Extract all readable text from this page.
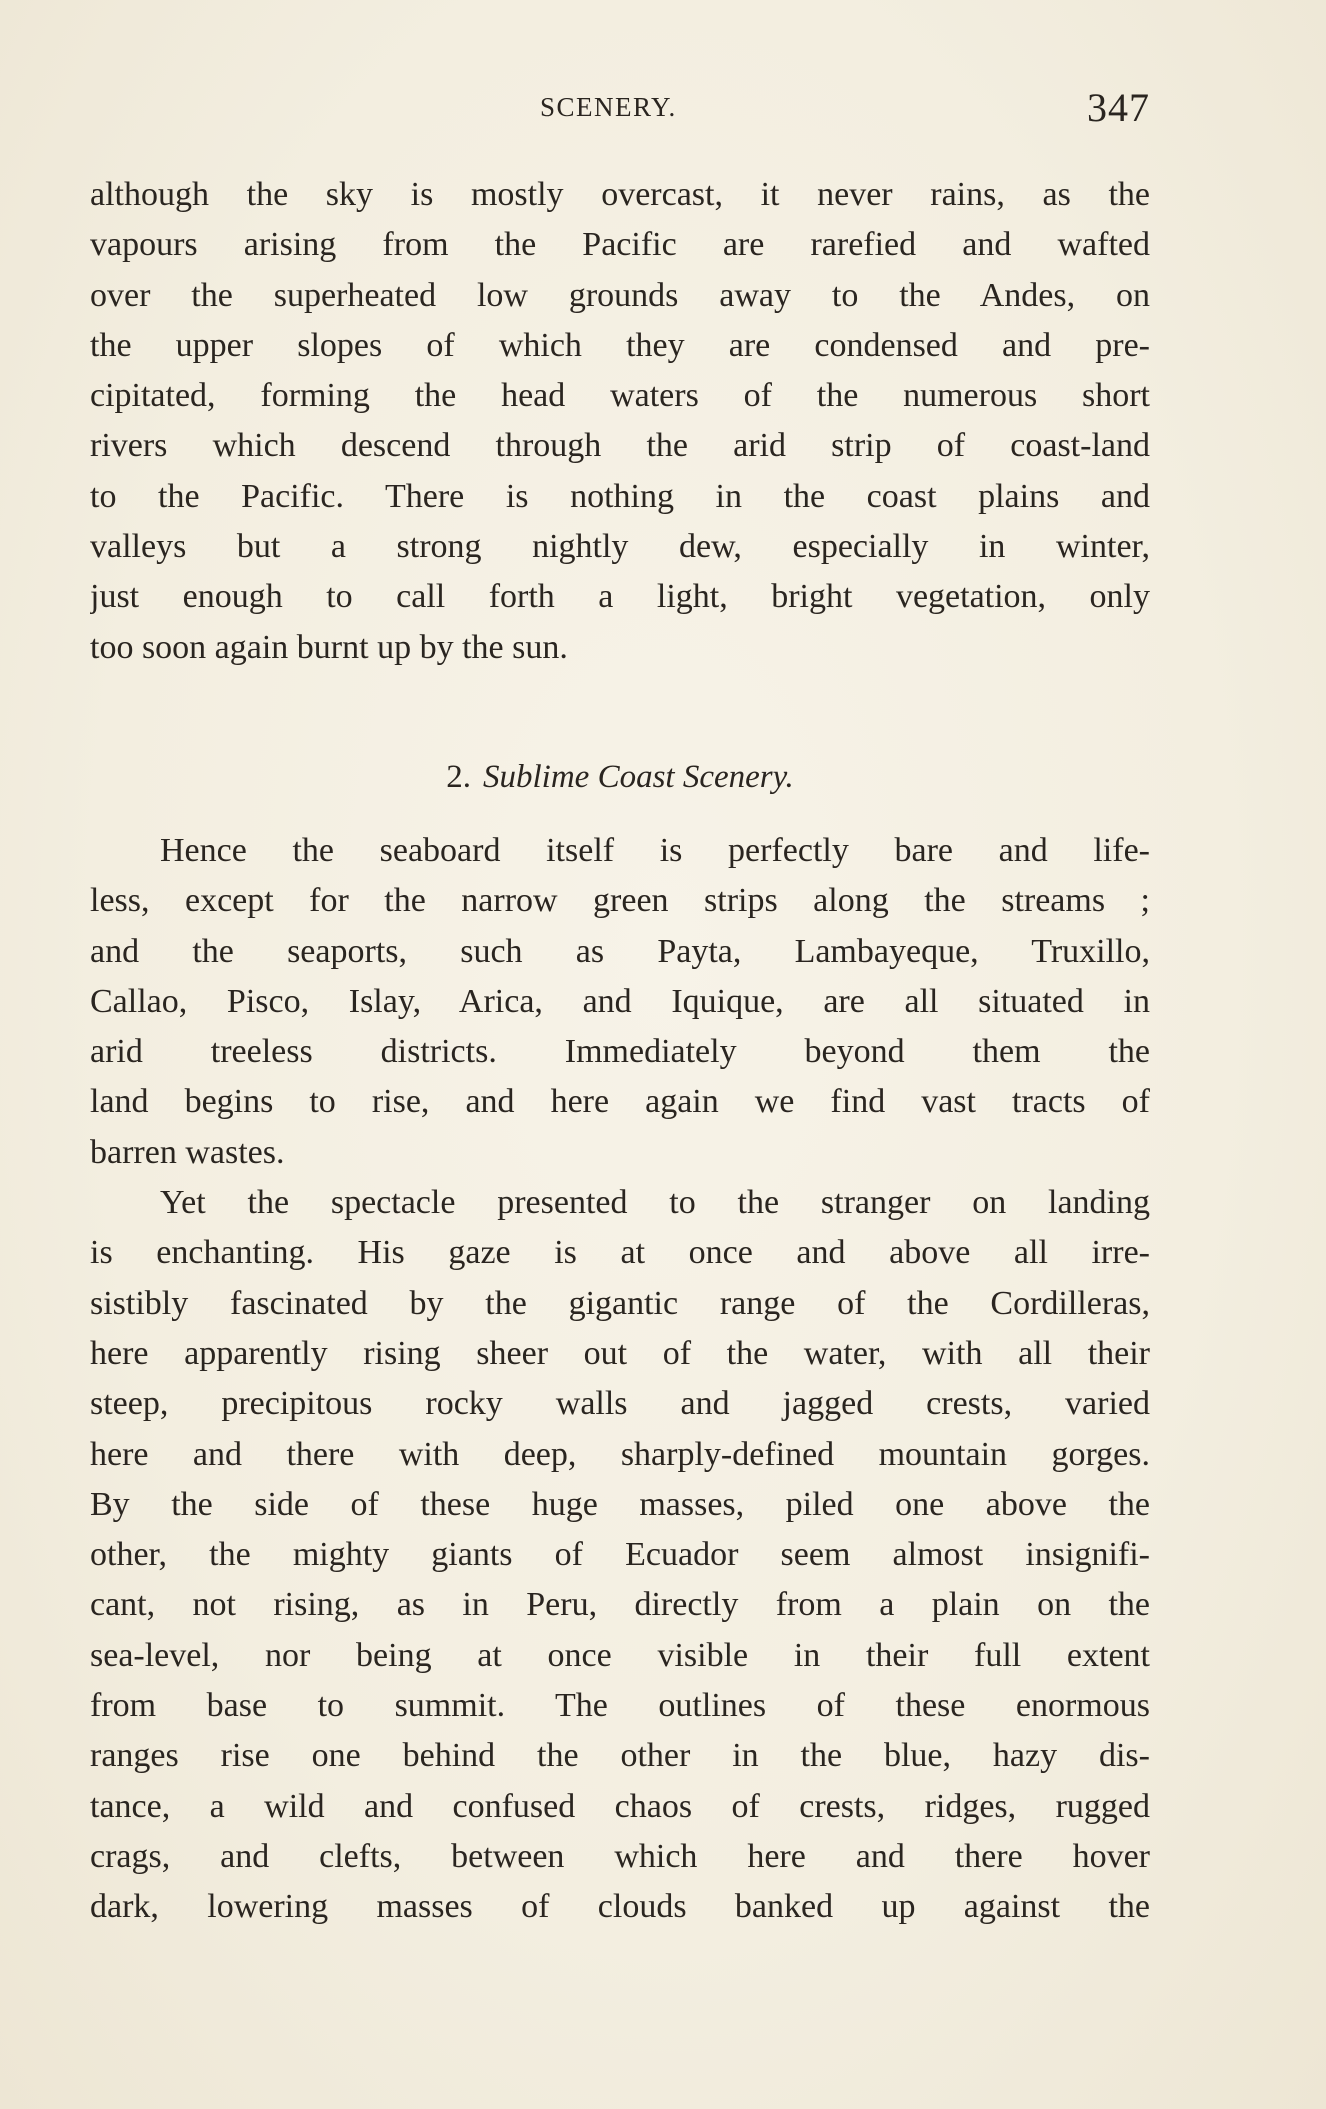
SCENERY.	347
although the sky is mostly overcast, it never rains, as the
vapours arising from the Pacific are rarefied and wafted
over the superheated low grounds away to the Andes, on
the upper slopes of which they are condensed and pre-
cipitated, forming the head waters of the numerous short
rivers which descend through the arid strip of coast-land
to the Pacific. There is nothing in the coast plains and
valleys but a strong nightly dew, especially in winter,
just enough to call forth a light, bright vegetation, only
too soon again burnt up by the sun.
2. Sublime Coast Scenery.
Hence the seaboard itself is perfectly bare and life-
less, except for the narrow green strips along the streams ;
and the seaports, such as Payta, Lambayeque, Truxillo,
Callao, Pisco, Islay, Arica, and Iquique, are all situated in
arid treeless districts. Immediately beyond them the
land begins to rise, and here again we find vast tracts of
barren wastes.
Yet the spectacle presented to the stranger on landing
is enchanting. His gaze is at once and above all irre-
sistibly fascinated by the gigantic range of the Cordilleras,
here apparently rising sheer out of the water, with all their
steep, precipitous rocky walls and jagged crests, varied
here and there with deep, sharply-defined mountain gorges.
By the side of these huge masses, piled one above the
other, the mighty giants of Ecuador seem almost insignifi-
cant, not rising, as in Peru, directly from a plain on the
sea-level, nor being at once visible in their full extent
from base to summit. The outlines of these enormous
ranges rise one behind the other in the blue, hazy dis-
tance, a wild and confused chaos of crests, ridges, rugged
crags, and clefts, between which here and there hover
dark, lowering masses of clouds banked up against the
